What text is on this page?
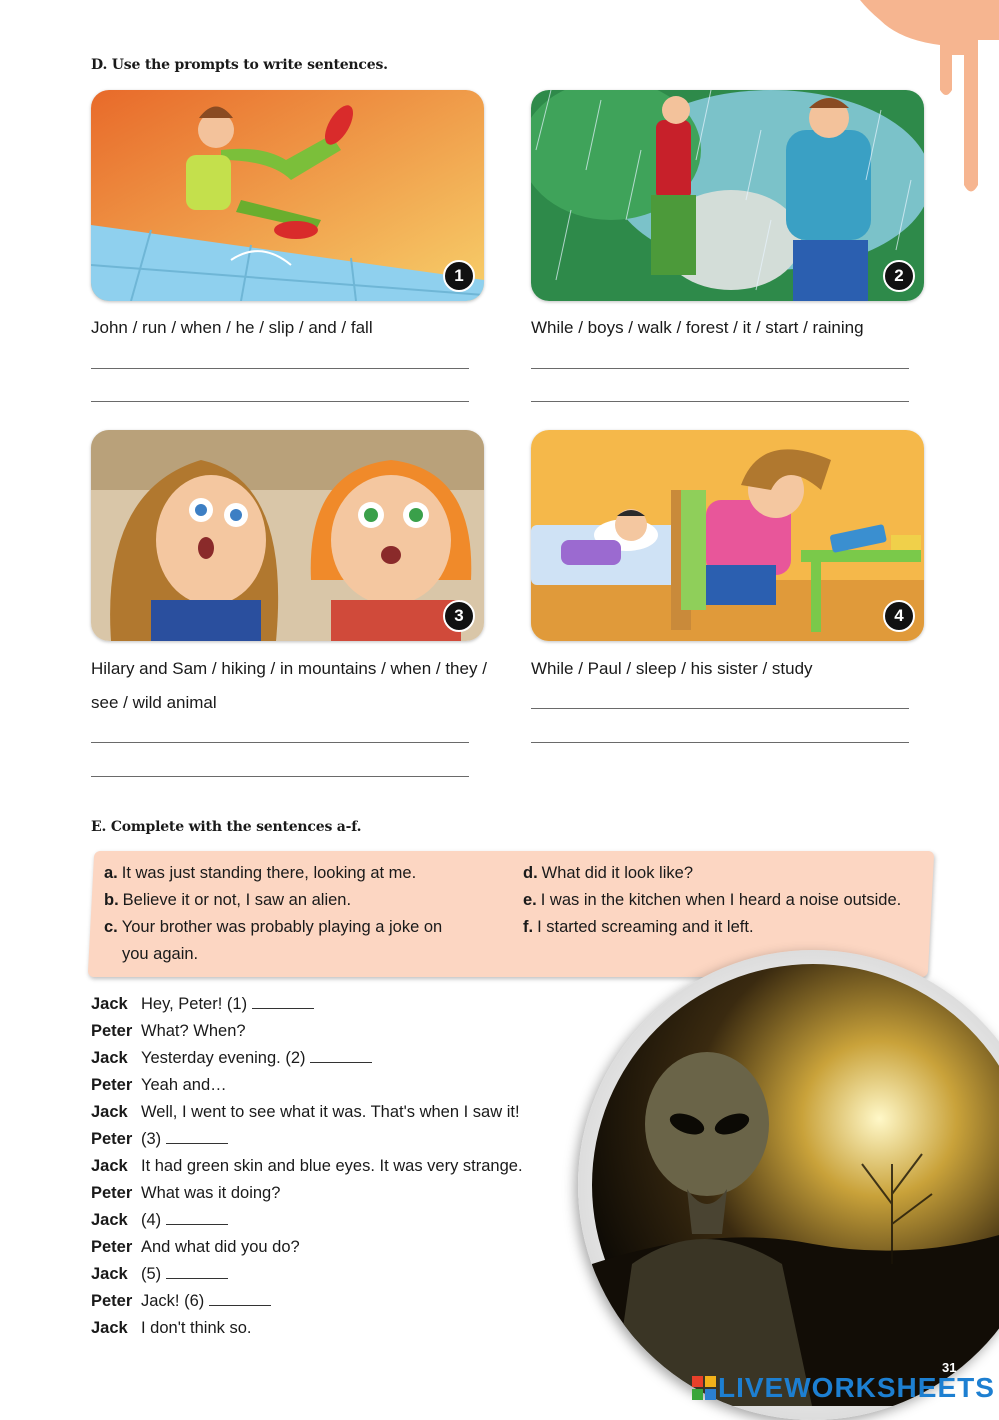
D. Use the prompts to write sentences.
1	2
John / run / when / he / slip / and / fall	While / boys / walk / forest / it / start / raining
3	4
Hilary and Sam / hiking / in mountains / when / they /
see / wild animal
While / Paul / sleep / his sister / study
E. Complete with the sentences a-f.
a. It was just standing there, looking at me.
b. Believe it or not, I saw an alien.
c. Your brother was probably playing a joke on
you again.
d. What did it look like?
e. I was in the kitchen when I heard a noise outside.
f. I started screaming and it left.
Jack Hey, Peter! (1)
Peter What? When?
Jack Yesterday evening. (2)
Peter Yeah and…
Jack Well, I went to see what it was. That's when I saw it!
Peter (3)
Jack It had green skin and blue eyes. It was very strange.
Peter What was it doing?
Jack (4)
Peter And what did you do?
Jack (5)
Peter Jack! (6)
Jack I don't think so.
31
LIVEWORKSHEETS
